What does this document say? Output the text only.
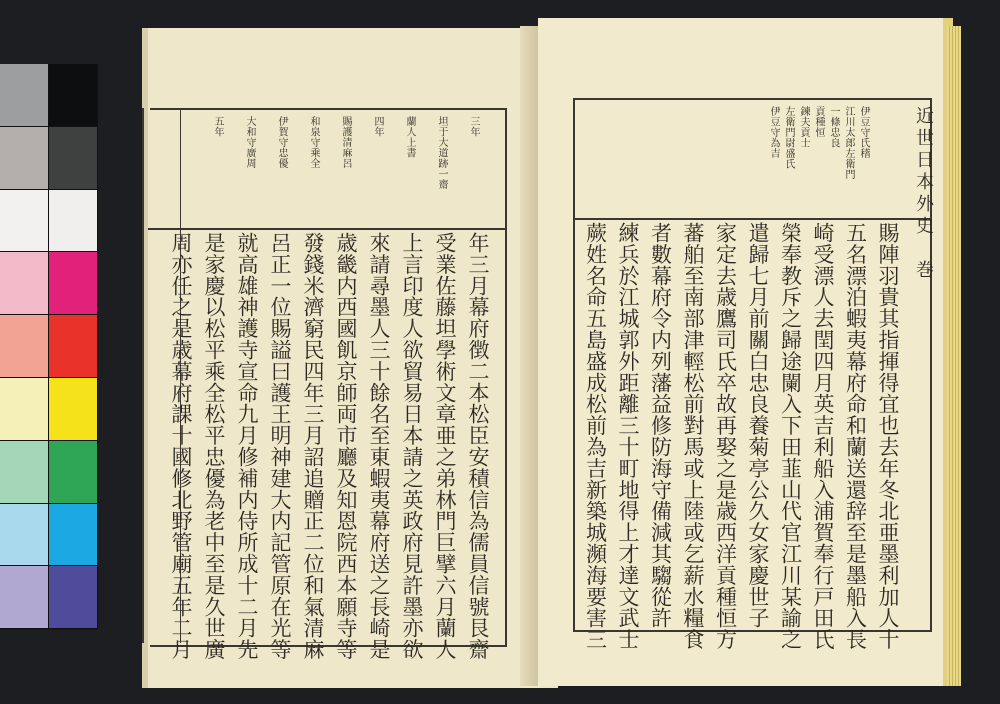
三年
坦于大道跡一齋
蘭人上書
四年
賜護清麻呂
和泉守乘全
伊賀守忠優
大和守廣周
五年
年三月幕府徴二本松臣安積信為儒員信號艮齋
受業佐藤坦學術文章亜之弟林門巨擘六月蘭人
上言印度人欲貿易日本請之英政府見許墨亦欲
來請尋墨人三十餘名至東蝦夷幕府送之長崎是
歳畿内西國飢京師両市廳及知恩院西本願寺等
發錢米濟窮民四年三月詔追贈正二位和氣清麻
呂正一位賜謚曰護王明神建大内記管原在光等
就高雄神護寺宣命九月修補内侍所成十二月先
是家慶以松平乘全松平忠優為老中至是久世廣
周亦任之是歳幕府課十國修北野管廟五年二月
近世日本外史　巻
伊豆守氏𥡴
江川太郎左衛門
一條忠良
貢種恒
鍊夫貢士
左衛門尉盛氏
伊豆守為吉
賜陣羽貴其指揮得宜也去年冬北亜墨利加人十
五名漂泊蝦夷幕府命和蘭送還辞至是墨船入長
崎受漂人去閏四月英吉利船入浦賀奉行戸田氏
榮奉教斥之歸途闌入下田韮山代官江川某諭之
遣歸七月前關白忠良養菊亭公久女家慶世子
家定去歳鷹司氏卒故再娶之是歳西洋貢種恒方
蕃舶至南部津輕松前對馬或上陸或乞薪水糧食
者數幕府令内列藩益修防海守備減其騶從許
練兵於江城郭外距離三十町地得上才達文武士
蕨姓名命五島盛成松前為吉新築城瀕海要害三
